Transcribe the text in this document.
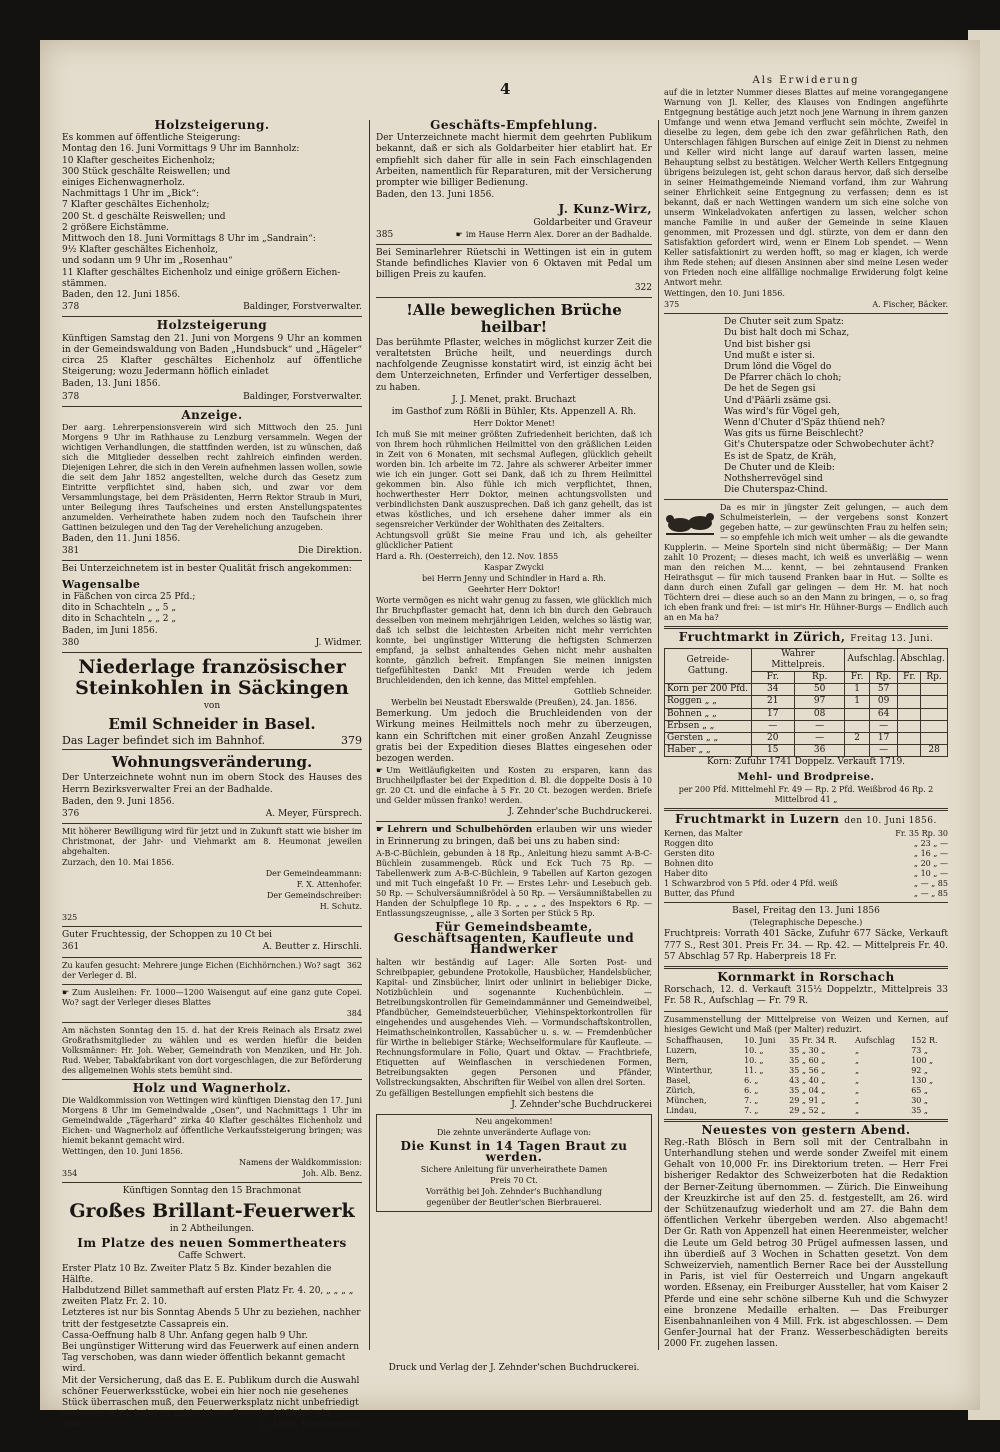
4
Holzsteigerung.
Es kommen auf öffentliche Steigerung:
Montag den 16. Juni Vormittags 9 Uhr im Bannholz:
10 Klafter gescheites Eichenholz;
300 Stück geschälte Reiswellen; und
einiges Eichenwagnerholz.
Nachmittags 1 Uhr im „Bick“:
7 Klafter geschältes Eichenholz;
200 St. d geschälte Reiswellen; und
2 größere Eichstämme.
Mittwoch den 18. Juni Vormittags 8 Uhr im „Sandrain“:
9½ Klafter geschältes Eichenholz,
und sodann um 9 Uhr im „Rosenhau“
11 Klafter geschältes Eichenholz und einige größern Eichen-
stämmen.

Baden, den 12. Juni 1856.

378	Baldinger, Forstverwalter.
Holzsteigerung

Künftigen Samstag den 21. Juni von Morgens 9 Uhr an kommen in der Gemeindswaldung von Baden „Hundsbuck“ und „Hägeler“ circa 25 Klafter geschältes Eichenholz auf öffentliche Steigerung; wozu Jedermann höflich einladet

Baden, 13. Juni 1856.

378	Baldinger, Forstverwalter.
Anzeige.

Der aarg. Lehrerpensionsverein wird sich Mittwoch den 25. Juni Morgens 9 Uhr im Rathhause zu Lenzburg versammeln. Wegen der wichtigen Verhandlungen, die stattfinden werden, ist zu wünschen, daß sich die Mitglieder desselben recht zahlreich einfinden werden. Diejenigen Lehrer, die sich in den Verein aufnehmen lassen wollen, sowie die seit dem Jahr 1852 angestellten, welche durch das Gesetz zum Eintritte verpflichtet sind, haben sich, und zwar vor dem Versammlungstage, bei dem Präsidenten, Herrn Rektor Straub in Muri, unter Beilegung ihres Taufscheines und ersten Anstellungspatentes anzumelden. Verheirathete haben zudem noch den Taufschein ihrer Gattinen beizulegen und den Tag der Verehelichung anzugeben.

Baden, den 11. Juni 1856.

381	Die Direktion.

Bei Unterzeichnetem ist in bester Qualität frisch angekommen:

Wagensalbe
in Fäßchen von circa 25 Pfd.;
dito in Schachteln „ „ 5 „
dito in Schachteln „ „ 2 „

Baden, im Juni 1856.

380	J. Widmer.
Niederlage französischer Steinkohlen in Säckingen

von

Emil Schneider in Basel.
Das Lager befindet sich im Bahnhof.	379
Wohnungsveränderung.

Der Unterzeichnete wohnt nun im obern Stock des Hauses des Herrn Bezirksverwalter Frei an der Badhalde.

Baden, den 9. Juni 1856.

376	A. Meyer, Fürsprech.

Mit höherer Bewilligung wird für jetzt und in Zukunft statt wie bisher im Christmonat, der Jahr- und Viehmarkt am 8. Heumonat jeweilen abgehalten.

Zurzach, den 10. Mai 1856.

Der Gemeindeammann:

F. X. Attenhofer.

Der Gemeindschreiber:

H. Schutz.

325

Guter Fruchtessig, der Schoppen zu 10 Ct bei

361	A. Beutter z. Hirschli.
Zu kaufen gesucht: Mehrere junge Eichen (Eichhörnchen.) Wo? sagt der Verleger d. Bl.
362

☛ Zum Ausleihen: Fr. 1000—1200 Waisengut auf eine ganz gute Copei. Wo? sagt der Verleger dieses Blattes

384

Am nächsten Sonntag den 15. d. hat der Kreis Reinach als Ersatz zwei Großrathsmitglieder zu wählen und es werden hiefür die beiden Volksmänner: Hr. Joh. Weber, Gemeindrath von Menziken, und Hr. Joh. Rud. Weber, Tabakfabrikant von dort vorgeschlagen, die zur Beförderung des allgemeinen Wohls stets bemüht sind.

Holz und Wagnerholz.

Die Waldkommission von Wettingen wird künftigen Dienstag den 17. Juni Morgens 8 Uhr im Gemeindwalde „Osen“, und Nachmittags 1 Uhr im Gemeindwalde „Tägerhard“ zirka 40 Klafter geschältes Eichenholz und Eichen- und Wagnerholz auf öffentliche Verkaufssteigerung bringen; was hiemit bekannt gemacht wird.

Wettingen, den 10. Juni 1856.

Namens der Waldkommission:

354	Joh. Alb. Benz.

Künftigen Sonntag den 15 Brachmonat

Großes Brillant-Feuerwerk

in 2 Abtheilungen.

Im Platze des neuen Sommertheaters

Caffe Schwert.

Erster Platz 10 Bz. Zweiter Platz 5 Bz. Kinder bezahlen die Hälfte.
Halbdutzend Billet sammethaft auf ersten Platz Fr. 4. 20, „ „ „ „ zweiten Platz Fr. 2. 10.
Letzteres ist nur bis Sonntag Abends 5 Uhr zu beziehen, nachher tritt der festgesetzte Cassapreis ein.
Cassa-Oeffnung halb 8 Uhr. Anfang gegen halb 9 Uhr.
Bei ungünstiger Witterung wird das Feuerwerk auf einen andern Tag verschoben, was dann wieder öffentlich bekannt gemacht wird.
Mit der Versicherung, daß das E. E. Publikum durch die Auswahl schöner Feuerwerksstücke, wobei ein hier noch nie gesehenes Stück überraschen muß, den Feuerwerksplatz nicht unbefriedigt verlassen wird, ladet zu zahlreichem Besuche höflichst ein
384	L. Lang, Feuerwerker.
Geschäfts-Empfehlung.

Der Unterzeichnete macht hiermit dem geehrten Publikum bekannt, daß er sich als Goldarbeiter hier etablirt hat. Er empfiehlt sich daher für alle in sein Fach einschlagenden Arbeiten, namentlich für Reparaturen, mit der Versicherung prompter wie billiger Bedienung.

Baden, den 13. Juni 1856.

J. Kunz-Wirz,

Goldarbeiter und Graveur

385	☛ im Hause Herrn Alex. Dorer an der Badhalde.

Bei Seminarlehrer Rüetschi in Wettingen ist ein in gutem Stande befindliches Klavier von 6 Oktaven mit Pedal um billigen Preis zu kaufen.

322

!Alle beweglichen Brüche heilbar!

Das berühmte Pflaster, welches in möglichst kurzer Zeit die veraltetsten Brüche heilt, und neuerdings durch nachfolgende Zeugnisse konstatirt wird, ist einzig ächt bei dem Unterzeichneten, Erfinder und Verfertiger desselben, zu haben.

J. J. Menet, prakt. Bruchazt

im Gasthof zum Rößli in Bühler, Kts. Appenzell A. Rh.

Herr Doktor Menet!

Ich muß Sie mit meiner größten Zufriedenheit berichten, daß ich von Ihrem hoch rühmlichen Heilmittel von den gräßlichen Leiden in Zeit von 6 Monaten, mit sechsmal Auflegen, glücklich geheilt worden bin. Ich arbeite im 72. Jahre als schwerer Arbeiter immer wie ich ein junger. Gott sei Dank, daß ich zu Ihrem Heilmittel gekommen bin. Also fühle ich mich verpflichtet, Ihnen, hochwerthester Herr Doktor, meinen achtungsvollsten und verbindlichsten Dank auszusprechen. Daß ich ganz geheilt, das ist etwas köstliches, und ich ersehene daher immer als ein segensreicher Verkünder der Wohlthaten des Zeitalters.

Achtungsvoll grüßt Sie meine Frau und ich, als geheilter glücklicher Patient

Hard a. Rh. (Oesterreich), den 12. Nov. 1855

Kaspar Zwycki

bei Herrn Jenny und Schindler in Hard a. Rh.

Geehrter Herr Doktor!

Worte vermögen es nicht wahr genug zu fassen, wie glücklich mich Ihr Bruchpflaster gemacht hat, denn ich bin durch den Gebrauch desselben von meinem mehrjährigen Leiden, welches so lästig war, daß ich selbst die leichtesten Arbeiten nicht mehr verrichten konnte, bei ungünstiger Witterung die heftigsten Schmerzen empfand, ja selbst anhaltendes Gehen nicht mehr aushalten konnte, gänzlich befreit. Empfangen Sie meinen innigsten tiefgefühltesten Dank! Mit Freuden werde ich jedem Bruchleidenden, den ich kenne, das Mittel empfehlen.

Gottlieb Schneider.

Werbelin bei Neustadt Eberswalde (Preußen), 24. Jan. 1856.

Bemerkung. Um jedoch die Bruchleidenden von der Wirkung meines Heilmittels noch mehr zu überzeugen, kann ein Schriftchen mit einer großen Anzahl Zeugnisse gratis bei der Expedition dieses Blattes eingesehen oder bezogen werden.

☛ Um Weitläufigkeiten und Kosten zu ersparen, kann das Bruchheilpflaster bei der Expedition d. Bl. die doppelte Dosis à 10 gr. 20 Ct. und die einfache à 5 Fr. 20 Ct. bezogen werden. Briefe und Gelder müssen franko! werden.

J. Zehnder'sche Buchdruckerei.

☛ Lehrern und Schulbehörden erlauben wir uns wieder in Erinnerung zu bringen, daß bei uns zu haben sind:

A-B-C-Büchlein, gebunden à 18 Rp., Anleitung hiezu sammt A-B-C-Büchlein zusammengeb. Rück und Eck Tuch 75 Rp. — Tabellenwerk zum A-B-C-Büchlein, 9 Tabellen auf Karton gezogen und mit Tuch eingefaßt 10 Fr. — Erstes Lehr- und Lesebuch geb. 50 Rp. — Schulversäumnißrödel à 50 Rp. — Versäumnißtabellen zu Handen der Schulpflege 10 Rp. „ „ „ „ des Inspektors 6 Rp. — Entlassungszeugnisse, „ alle 3 Sorten per Stück 5 Rp.

Für Gemeindsbeamte, Geschäftsagenten, Kaufleute und Handwerker

halten wir beständig auf Lager: Alle Sorten Post- und Schreibpapier, gebundene Protokolle, Hausbücher, Handelsbücher, Kapital- und Zinsbücher, linirt oder unlinirt in beliebiger Dicke, Notizbüchlein und sogenannte Kuchenbüchlein. — Betreibungskontrollen für Gemeindammänner und Gemeindweibel, Pfandbücher, Gemeindsteuerbücher, Viehinspektorkontrollen für eingehendes und ausgehendes Vieh. — Vormundschaftskontrollen, Heimathscheinkontrollen, Kassabücher u. s. w. — Fremdenbücher für Wirthe in beliebiger Stärke; Wechselformulare für Kaufleute. — Rechnungsformulare in Folio, Quart und Oktav. — Frachtbriefe, Etiquetten auf Weinflaschen in verschiedenen Formen, Betreibungsakten gegen Personen und Pfänder, Vollstreckungsakten, Abschriften für Weibel von allen drei Sorten.

Zu gefälligen Bestellungen empfiehlt sich bestens die

J. Zehnder'sche Buchdruckerei

Neu angekommen!

Die zehnte unveränderte Auflage von:

Die Kunst in 14 Tagen Braut zu werden.

Sichere Anleitung für unverheirathete Damen

Preis 70 Ct.

Vorräthig bei Joh. Zehnder's Buchhandlung

gegenüber der Beutler'schen Bierbrauerei.

Druck und Verlag der J. Zehnder'schen Buchdruckerei.
Als Erwiderung

auf die in letzter Nummer dieses Blattes auf meine vorangegangene Warnung von Jl. Keller, des Klauses von Endingen angeführte Entgegnung bestätige auch jetzt noch jene Warnung in ihrem ganzen Umfange und wenn etwa Jemand verflucht sein möchte, Zweifel in dieselbe zu legen, dem gebe ich den zwar gefährlichen Rath, den Unterschlagen fähigen Burschen auf einige Zeit in Dienst zu nehmen und Keller wird nicht lange auf darauf warten lassen, meine Behauptung selbst zu bestätigen. Welcher Werth Kellers Entgegnung übrigens beizulegen ist, geht schon daraus hervor, daß sich derselbe in seiner Heimathgemeinde Niemand vorfand, ihm zur Wahrung seiner Ehrlichkeit seine Entgegnung zu verfassen; denn es ist bekannt, daß er nach Wettingen wandern um sich eine solche von unserm Winkeladvokaten anfertigen zu lassen, welcher schon manche Familie in und außer der Gemeinde in seine Klauen genommen, mit Prozessen und dgl. stürzte, von dem er dann den Satisfaktion gefordert wird, wenn er Einem Lob spendet. — Wenn Keller satisfaktionirt zu werden hofft, so mag er klagen, ich werde ihm Rede stehen; auf diesen Ansinnen aber sind meine Lesen weder von Frieden noch eine allfällige nochmalige Erwiderung folgt keine Antwort mehr.

Wettingen, den 10. Juni 1856.

375	A. Fischer, Bäcker.
De Chuter seit zum Spatz:
Du bist halt doch mi Schaz,
Und bist bisher gsi
Und mußt e ister si.
Drum lönd die Vögel do
De Pfarrer chäch lo choh;
De het de Segen gsi
Und d'Päärli zsäme gsi.
Was wird's für Vögel geh,
Wenn d'Chuter d'Späz thüend neh?
Was gits us fürne Beischlecht?
Git's Chuterspatze oder Schwobechuter ächt?
Es ist de Spatz, de Kräh,
De Chuter und de Kleib:
Nothsherrevögel sind
Die Chuterspaz-Chind.

Da es mir in jüngster Zeit gelungen, — auch dem Schulmeisterlein, — der vergebens sonst Konzert gegeben hatte, — zur gewünschten Frau zu helfen sein; — so empfehle ich mich weit umher — als die gewandte Kupplerin. — Meine Sporteln sind nicht übermäßig; — Der Mann zahlt 10 Prozent; — dieses macht, ich weiß es unverläßig — wenn man den reichen M.... kennt, — bei zehntausend Franken Heirathsgut — für mich tausend Franken baar in Hut. — Sollte es dann durch einen Zufall gar gelingen — dem Hr. M. hat noch Töchtern drei — diese auch so an den Mann zu bringen, — o, so frag ich eben frank und frei: — ist mir's Hr. Hühner-Burgs — Endlich auch an en Ma ha?

Fruchtmarkt in Zürich, Freitag 13. Juni.
Getreide-Gattung.	Wahrer Mittelpreis.		Aufschlag.		Abschlag.	
	Fr.	Rp.	Fr.	Rp.	Fr.	Rp.
Korn per 200 Pfd.	34	50	1	57		
Roggen „ „	21	97	1	09		
Bohnen „ „	17	08		64		
Erbsen „ „	—	—		—		
Gersten „ „	20	—	2	17		
Haber „ „	15	36		—		28

Korn: Zufuhr 1741 Doppelz. Verkauft 1719.

Mehl- und Brodpreise.

per 200 Pfd. Mittelmehl Fr. 49 — Rp. 2 Pfd. Weißbrod 46 Rp. 2 Mittelbrod 41 „

Fruchtmarkt in Luzern den 10. Juni 1856.
Kernen, das Malter	Fr. 35 Rp. 30
Roggen dito	„ 23 „ —
Gersten dito	„ 16 „ —
Bohnen dito	„ 20 „ —
Haber dito	„ 10 „ —
1 Schwarzbrod von 5 Pfd. oder 4 Pfd. weiß	„ — „ 85
Butter, das Pfund	„ — „ 85

Basel, Freitag den 13. Juni 1856

(Telegraphische Depesche.)

Fruchtpreis: Vorrath 401 Säcke, Zufuhr 677 Säcke, Verkauft 777 S., Rest 301. Preis Fr. 34. — Rp. 42. — Mittelpreis Fr. 40. 57 Abschlag 57 Rp. Haberpreis 18 Fr.

Kornmarkt in Rorschach

Rorschach, 12. d. Verkauft 315½ Doppelztr., Mittelpreis 33 Fr. 58 R., Aufschlag — Fr. 79 R.

Zusammenstellung der Mittelpreise von Weizen und Kernen, auf hiesiges Gewicht und Maß (per Malter) reduzirt.

Schaffhausen,	10. Juni	35 Fr. 34 R.	Aufschlag	152 R.
Luzern,	10. „	35 „ 30 „	„	73 „
Bern,	10. „	35 „ 60 „	„	100 „
Winterthur,	11. „	35 „ 56 „	„	92 „
Basel,	6. „	43 „ 40 „	„	130 „
Zürich,	6. „	35 „ 04 „	„	65 „
München,	7. „	29 „ 91 „	„	30 „
Lindau,	7. „	29 „ 52 „	„	35 „
Neuestes von gestern Abend.

Reg.-Rath Blösch in Bern soll mit der Centralbahn in Unterhandlung stehen und werde sonder Zweifel mit einem Gehalt von 10,000 Fr. ins Direktorium treten. — Herr Frei bisheriger Redaktor des Schweizerboten hat die Redaktion der Berner-Zeitung übernommen. — Zürich. Die Einweihung der Kreuzkirche ist auf den 25. d. festgestellt, am 26. wird der Schützenaufzug wiederholt und am 27. die Bahn dem öffentlichen Verkehr übergeben werden. Also abgemacht! Der Gr. Rath von Appenzell hat einen Heerenmeister, welcher die Leute um Geld betrog 30 Prügel aufmessen lassen, und ihn überdieß auf 3 Wochen in Schatten gesetzt. Von dem Schweizervieh, namentlich Berner Race bei der Ausstellung in Paris, ist viel für Oesterreich und Ungarn angekauft worden. Eßsenay, ein Freiburger Aussteller, hat vom Kaiser 2 Pferde und eine sehr schöne silberne Kuh und die Schwyzer eine bronzene Medaille erhalten. — Das Freiburger Eisenbahnanleihen von 4 Mill. Frk. ist abgeschlossen. — Dem Genfer-Journal hat der Franz. Wesserbeschädigten bereits 2000 Fr. zugehen lassen.
